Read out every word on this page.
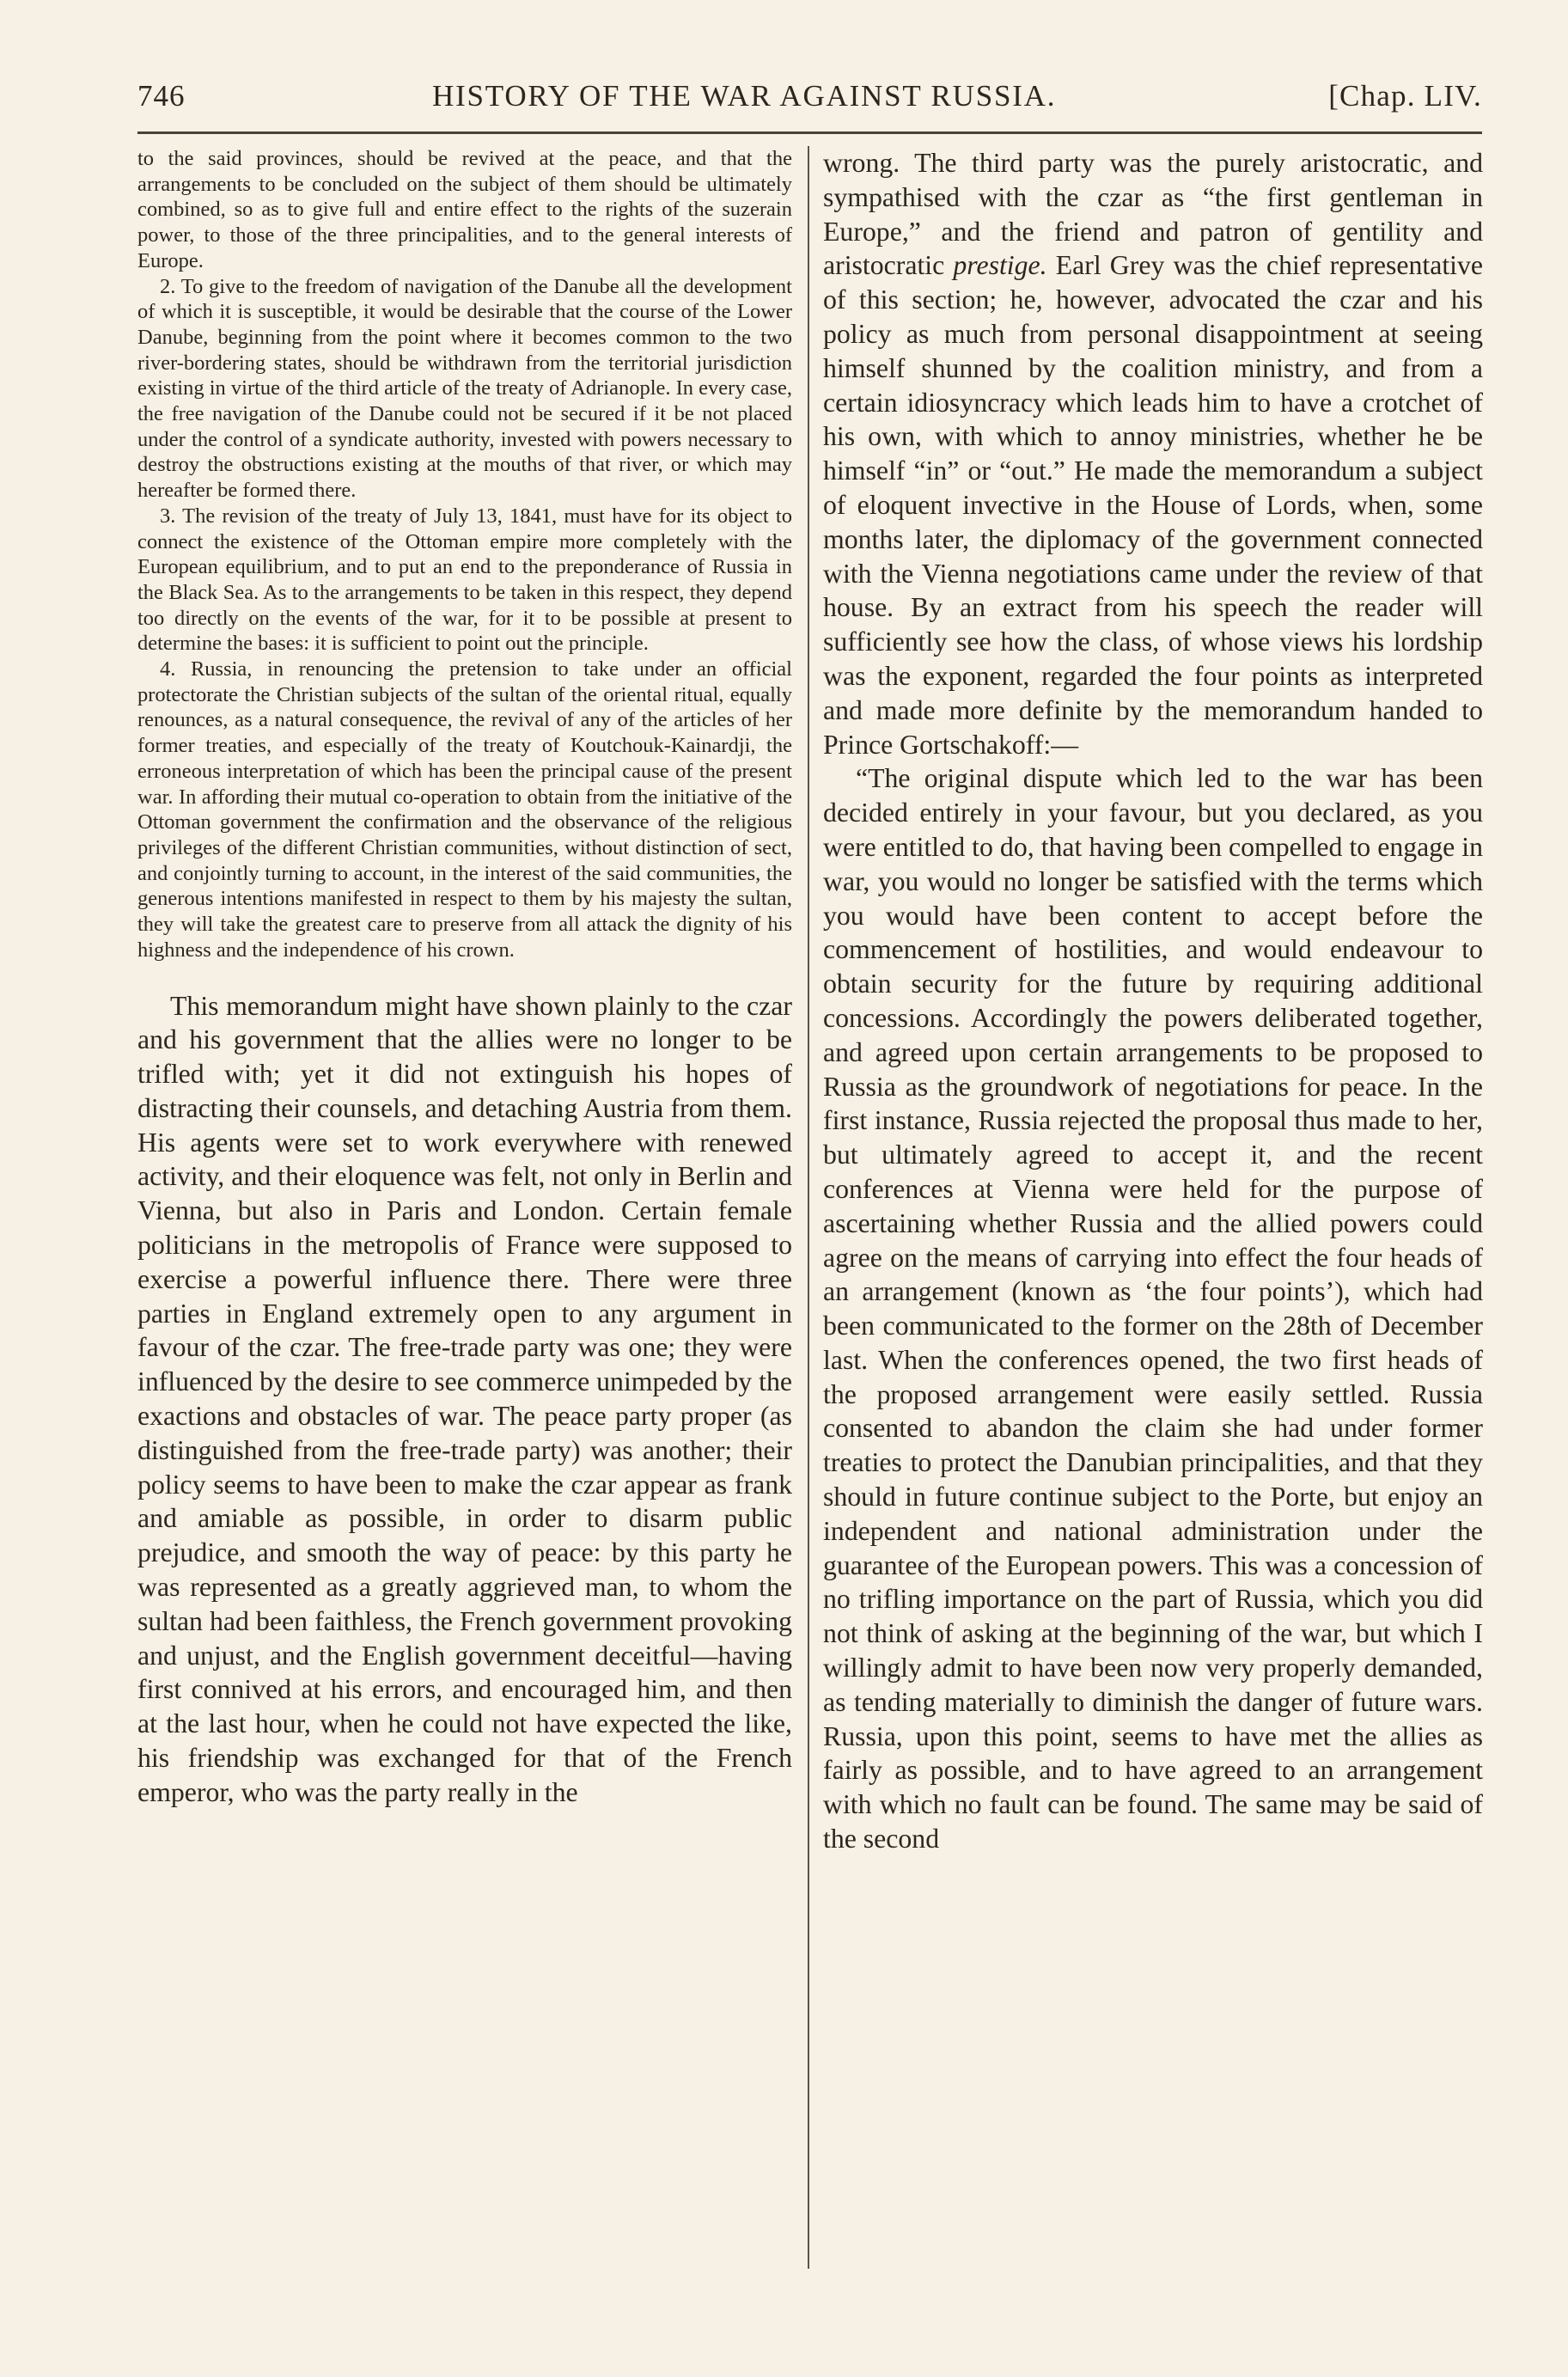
746	HISTORY OF THE WAR AGAINST RUSSIA.	[Chap. LIV.

to the said provinces, should be revived at the peace, and that the arrangements to be concluded on the subject of them should be ultimately combined, so as to give full and entire effect to the rights of the suzerain power, to those of the three principalities, and to the general interests of Europe.

2. To give to the freedom of navigation of the Danube all the development of which it is susceptible, it would be desirable that the course of the Lower Danube, beginning from the point where it becomes common to the two river-bordering states, should be withdrawn from the territorial jurisdiction existing in virtue of the third article of the treaty of Adrianople. In every case, the free navigation of the Danube could not be secured if it be not placed under the control of a syndicate authority, invested with powers necessary to destroy the obstructions existing at the mouths of that river, or which may hereafter be formed there.

3. The revision of the treaty of July 13, 1841, must have for its object to connect the existence of the Ottoman empire more completely with the European equilibrium, and to put an end to the preponderance of Russia in the Black Sea. As to the arrangements to be taken in this respect, they depend too directly on the events of the war, for it to be possible at present to determine the bases: it is sufficient to point out the principle.

4. Russia, in renouncing the pretension to take under an official protectorate the Christian subjects of the sultan of the oriental ritual, equally renounces, as a natural consequence, the revival of any of the articles of her former treaties, and especially of the treaty of Koutchouk-Kainardji, the erroneous interpretation of which has been the principal cause of the present war. In affording their mutual co-operation to obtain from the initiative of the Ottoman government the confirmation and the observance of the religious privileges of the different Christian communities, without distinction of sect, and conjointly turning to account, in the interest of the said communities, the generous intentions manifested in respect to them by his majesty the sultan, they will take the greatest care to preserve from all attack the dignity of his highness and the independence of his crown.

This memorandum might have shown plainly to the czar and his government that the allies were no longer to be trifled with; yet it did not extinguish his hopes of distracting their counsels, and detaching Austria from them. His agents were set to work everywhere with renewed activity, and their eloquence was felt, not only in Berlin and Vienna, but also in Paris and London. Certain female politicians in the metropolis of France were supposed to exercise a powerful influence there. There were three parties in England extremely open to any argument in favour of the czar. The free-trade party was one; they were influenced by the desire to see commerce unimpeded by the exactions and obstacles of war. The peace party proper (as distinguished from the free-trade party) was another; their policy seems to have been to make the czar appear as frank and amiable as possible, in order to disarm public prejudice, and smooth the way of peace: by this party he was represented as a greatly aggrieved man, to whom the sultan had been faithless, the French government provoking and unjust, and the English government deceitful—having first connived at his errors, and encouraged him, and then at the last hour, when he could not have expected the like, his friendship was exchanged for that of the French emperor, who was the party really in the

wrong. The third party was the purely aristocratic, and sympathised with the czar as “the first gentleman in Europe,” and the friend and patron of gentility and aristocratic prestige. Earl Grey was the chief representative of this section; he, however, advocated the czar and his policy as much from personal disappointment at seeing himself shunned by the coalition ministry, and from a certain idiosyncracy which leads him to have a crotchet of his own, with which to annoy ministries, whether he be himself “in” or “out.” He made the memorandum a subject of eloquent invective in the House of Lords, when, some months later, the diplomacy of the government connected with the Vienna negotiations came under the review of that house. By an extract from his speech the reader will sufficiently see how the class, of whose views his lordship was the exponent, regarded the four points as interpreted and made more definite by the memorandum handed to Prince Gortschakoff:—

“The original dispute which led to the war has been decided entirely in your favour, but you declared, as you were entitled to do, that having been compelled to engage in war, you would no longer be satisfied with the terms which you would have been content to accept before the commencement of hostilities, and would endeavour to obtain security for the future by requiring additional concessions. Accordingly the powers deliberated together, and agreed upon certain arrangements to be proposed to Russia as the groundwork of negotiations for peace. In the first instance, Russia rejected the proposal thus made to her, but ultimately agreed to accept it, and the recent conferences at Vienna were held for the purpose of ascertaining whether Russia and the allied powers could agree on the means of carrying into effect the four heads of an arrangement (known as ‘the four points’), which had been communicated to the former on the 28th of December last. When the conferences opened, the two first heads of the proposed arrangement were easily settled. Russia consented to abandon the claim she had under former treaties to protect the Danubian principalities, and that they should in future continue subject to the Porte, but enjoy an independent and national administration under the guarantee of the European powers. This was a concession of no trifling importance on the part of Russia, which you did not think of asking at the beginning of the war, but which I willingly admit to have been now very properly demanded, as tending materially to diminish the danger of future wars. Russia, upon this point, seems to have met the allies as fairly as possible, and to have agreed to an arrangement with which no fault can be found. The same may be said of the second
